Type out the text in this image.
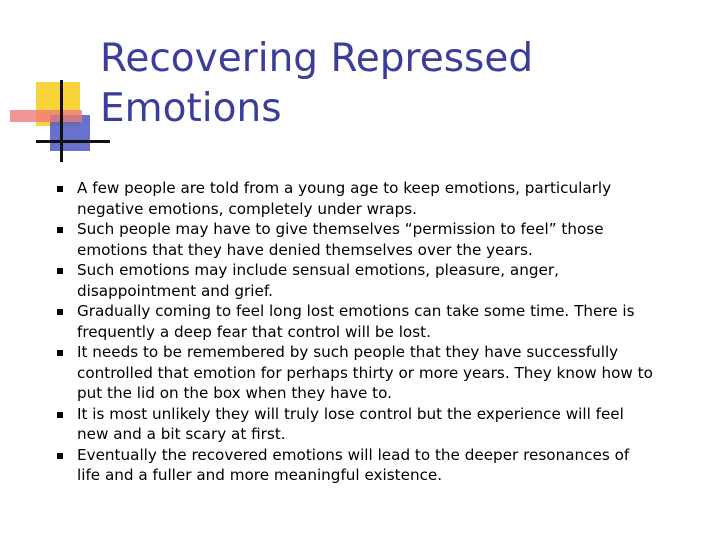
Recovering Repressed
Emotions
A few people are told from a young age to keep emotions, particularly negative emotions, completely under wraps.
Such people may have to give themselves “permission to feel” those emotions that they have denied themselves over the years.
Such emotions may include sensual emotions, pleasure, anger, disappointment and grief.
Gradually coming to feel long lost emotions can take some time. There is frequently a deep fear that control will be lost.
It needs to be remembered by such people that they have successfully controlled that emotion for perhaps thirty or more years. They know how to put the lid on the box when they have to.
It is most unlikely they will truly lose control but the experience will feel new and a bit scary at first.
Eventually the recovered emotions will lead to the deeper resonances of life and a fuller and more meaningful existence.
